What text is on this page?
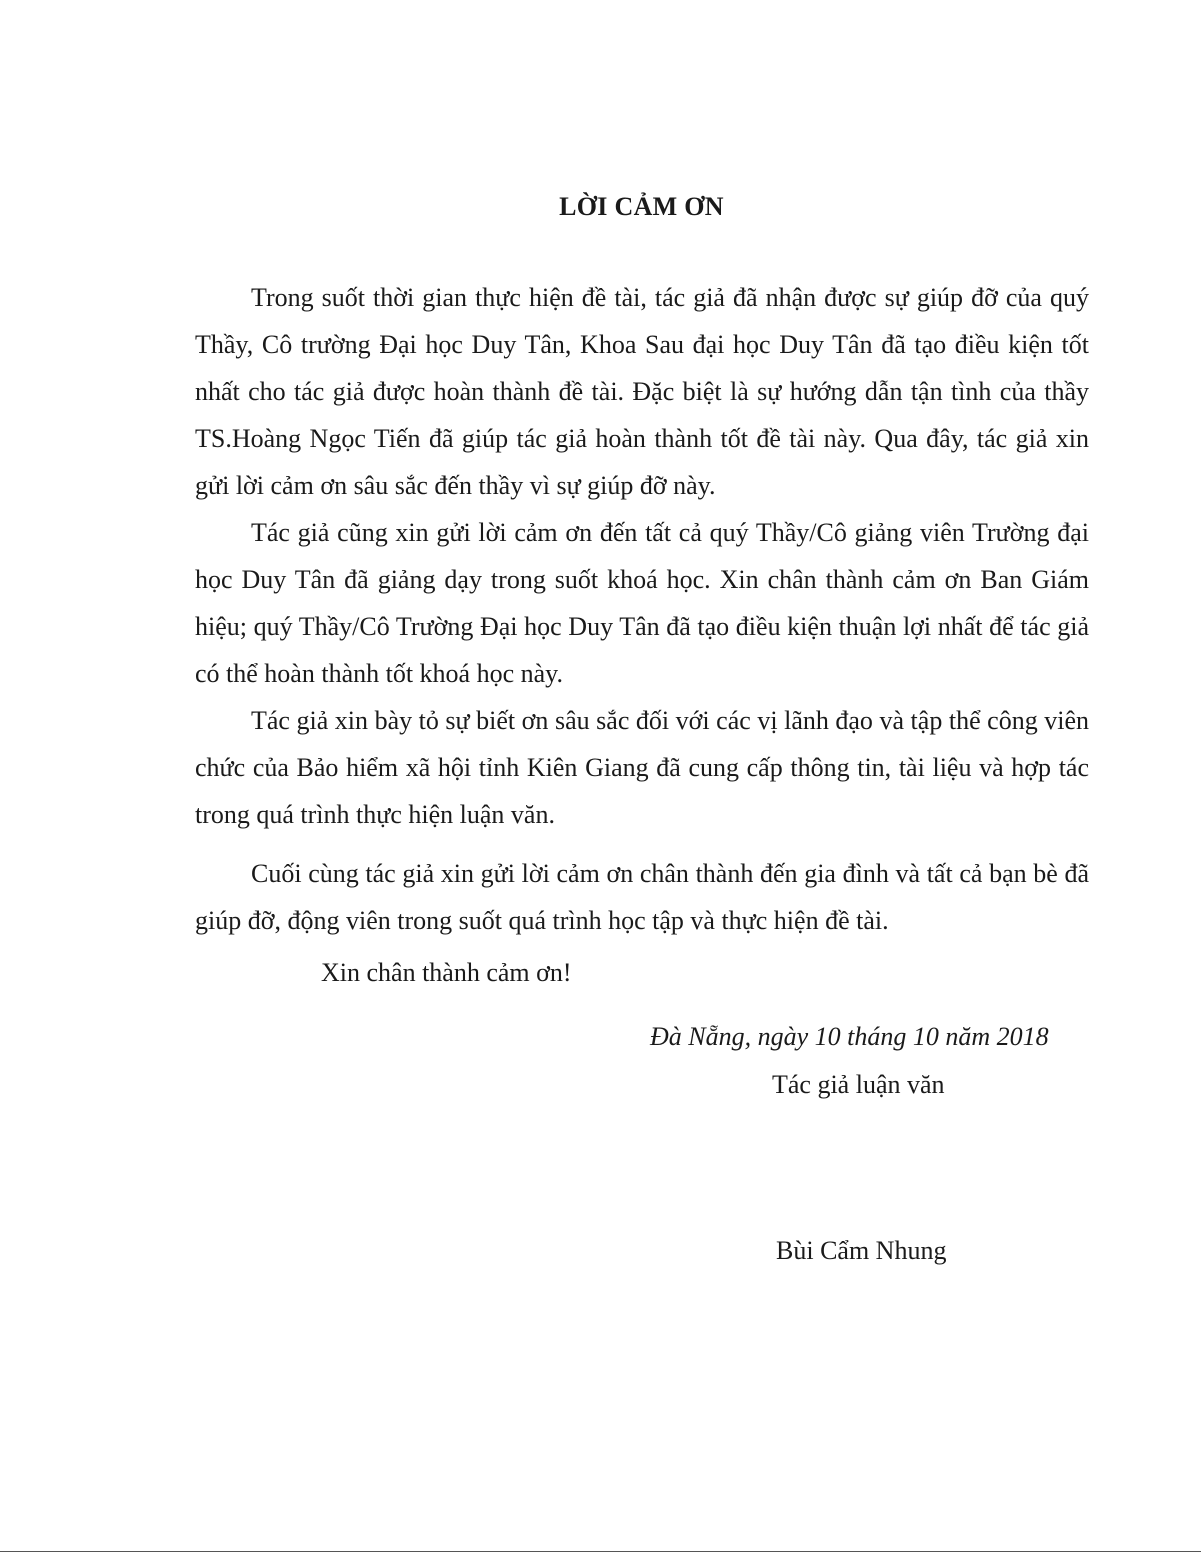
LỜI CẢM ƠN

Trong suốt thời gian thực hiện đề tài, tác giả đã nhận được sự giúp đỡ của quý Thầy, Cô trường Đại học Duy Tân, Khoa Sau đại học Duy Tân đã tạo điều kiện tốt nhất cho tác giả được hoàn thành đề tài. Đặc biệt là sự hướng dẫn tận tình của thầy TS.Hoàng Ngọc Tiến đã giúp tác giả hoàn thành tốt đề tài này. Qua đây, tác giả xin gửi lời cảm ơn sâu sắc đến thầy vì sự giúp đỡ này.

Tác giả cũng xin gửi lời cảm ơn đến tất cả quý Thầy/Cô giảng viên Trường đại học Duy Tân đã giảng dạy trong suốt khoá học. Xin chân thành cảm ơn Ban Giám hiệu; quý Thầy/Cô Trường Đại học Duy Tân đã tạo điều kiện thuận lợi nhất để tác giả có thể hoàn thành tốt khoá học này.

Tác giả xin bày tỏ sự biết ơn sâu sắc đối với các vị lãnh đạo và tập thể công viên chức của Bảo hiểm xã hội tỉnh Kiên Giang đã cung cấp thông tin, tài liệu và hợp tác trong quá trình thực hiện luận văn.

Cuối cùng tác giả xin gửi lời cảm ơn chân thành đến gia đình và tất cả bạn bè đã giúp đỡ, động viên trong suốt quá trình học tập và thực hiện đề tài.

Xin chân thành cảm ơn!
Đà Nẵng, ngày 10 tháng 10 năm 2018
Tác giả luận văn
Bùi Cẩm Nhung
